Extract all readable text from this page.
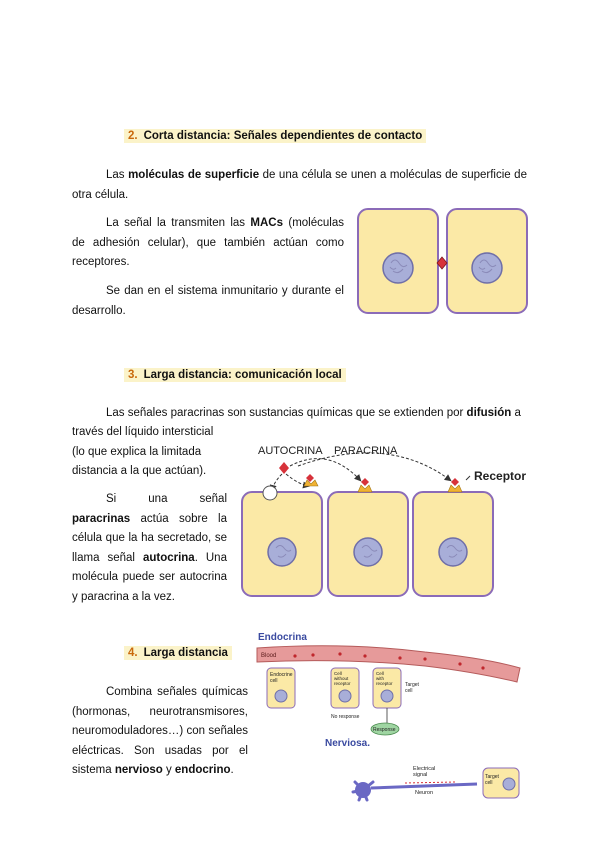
2. Corta distancia: Señales dependientes de contacto

Las moléculas de superficie de una célula se unen a moléculas de superficie de otra célula.

La señal la transmiten las MACs (moléculas de adhesión celular), que también actúan como receptores.

Se dan en el sistema inmunitario y durante el desarrollo.

3. Larga distancia: comunicación local

Las señales paracrinas son sustancias químicas que se extienden por difusión a

través del líquido intersticial (lo que explica la limitada distancia a la que actúan).

Si una señal paracrinas actúa sobre la célula que la ha secretado, se llama señal autocrina. Una molécula puede ser autocrina y paracrina a la vez.

AUTOCRINA PARACRINA
Receptor
4. Larga distancia

Combina señales químicas (hormonas, neurotransmisores, neuromoduladores…) con señales eléctricas. Son usadas por el sistema nervioso y endocrino.

Endocrina
Blood
Endocrine
cell
Cell
without
receptor
No response
Cell
with
receptor Target
cell
Response
Nerviosa.
Electrical
signal
Neuron
Target
cell
